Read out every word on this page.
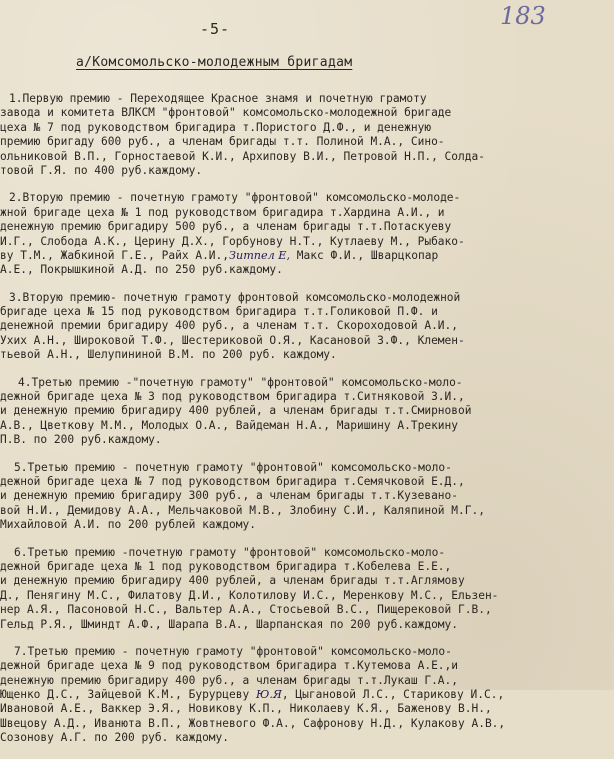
-5-	183
а/Комсомольско-молодежным бригадам
1.Первую премию - Переходящее Красное знамя и почетную грамоту
завода и комитета ВЛКСМ "фронтовой" комсомольско-молодежной бригаде
цеха № 7 под руководством бригадира т.Пористого Д.Ф., и денежную
премию бригаду 600 руб., а членам бригады т.т. Полиной М.А., Сино-
ольниковой В.П., Горностаевой К.И., Архипову В.И., Петровой Н.П., Солда-
товой Г.Я. по 400 руб.каждому.
2.Вторую премию - почетную грамоту "фронтовой" комсомольско-молоде-
жной бригаде цеха № 1 под руководством бригадира т.Хардина А.И., и
денежную премию бригадиру 500 руб., а членам бригады т.т.Потаскуеву
И.Г., Слобода А.К., Церину Д.Х., Горбунову Н.Т., Кутлаеву М., Рыбако-
ву Т.М., Жабкиной Г.Е., Райх А.И.,Зитпел Е, Макс Ф.И., Шварцкопар
А.Е., Покрышкиной А.Д. по 250 руб.каждому.
3.Вторую премию- почетную грамоту фронтовой комсомольско-молодежной
бригаде цеха № 15 под руководством бригадира т.т.Голиковой П.Ф. и
денежной премии бригадиру 400 руб., а членам т.т. Скороходовой А.И.,
Ухих А.Н., Широковой Т.Ф., Шестериковой О.Я., Касановой З.Ф., Клемен-
тьевой А.Н., Шелупининой В.М. по 200 руб. каждому.
4.Третью премию -"почетную грамоту" "фронтовой" комсомольско-моло-
дежной бригаде цеха № 3 под руководством бригадира т.Ситняковой З.И.,
и денежную премию бригадиру 400 рублей, а членам бригады т.т.Смирновой
А.В., Цветкову М.М., Молодых О.А., Вайдеман Н.А., Маришину А.Трекину
П.В. по 200 руб.каждому.
5.Третью премию - почетную грамоту "фронтовой" комсомольско-моло-
дежной бригаде цеха № 7 под руководством бригадира т.Семячковой Е.Д.,
и денежную премию бригадиру 300 руб., а членам бригады т.т.Кузевано-
вой Н.И., Демидову А.А., Мельчаковой М.В., Злобину С.И., Каляпиной М.Г.,
Михайловой А.И. по 200 рублей каждому.
6.Третью премию -почетную грамоту "фронтовой" комсомольско-моло-
дежной бригаде цеха № 1 под руководством бригадира т.Кобелева Е.Е.,
и денежную премию бригадиру 400 рублей, а членам бригады т.т.Аглямову
Д., Пенягину М.С., Филатову Д.И., Колотилову И.С., Меренкову М.С., Ельзен-
нер А.Я., Пасоновой Н.С., Вальтер А.А., Стосьевой В.С., Пищерековой Г.В.,
Гельд Р.Я., Шминдт А.Ф., Шарапа В.А., Шарпанская по 200 руб.каждому.
7.Третью премию - почетную грамоту "фронтовой" комсомольско-моло-
дежной бригаде цеха № 9 под руководством бригадира т.Кутемова А.Е.,и
денежную премию бригадиру 400 руб., а членам бригады т.т.Лукаш Г.А.,
Ющенко Д.С., Зайцевой К.М., Бурурцеву Ю.Я, Цыгановой Л.С., Старикову И.С.,
Ивановой А.Е., Ваккер Э.Я., Новикову К.П., Николаеву К.Я., Баженову В.Н.,
Швецову А.Д., Иванюта В.П., Жовтневого Ф.А., Сафронову Н.Д., Кулакову А.В.,
Созонову А.Г. по 200 руб. каждому.
